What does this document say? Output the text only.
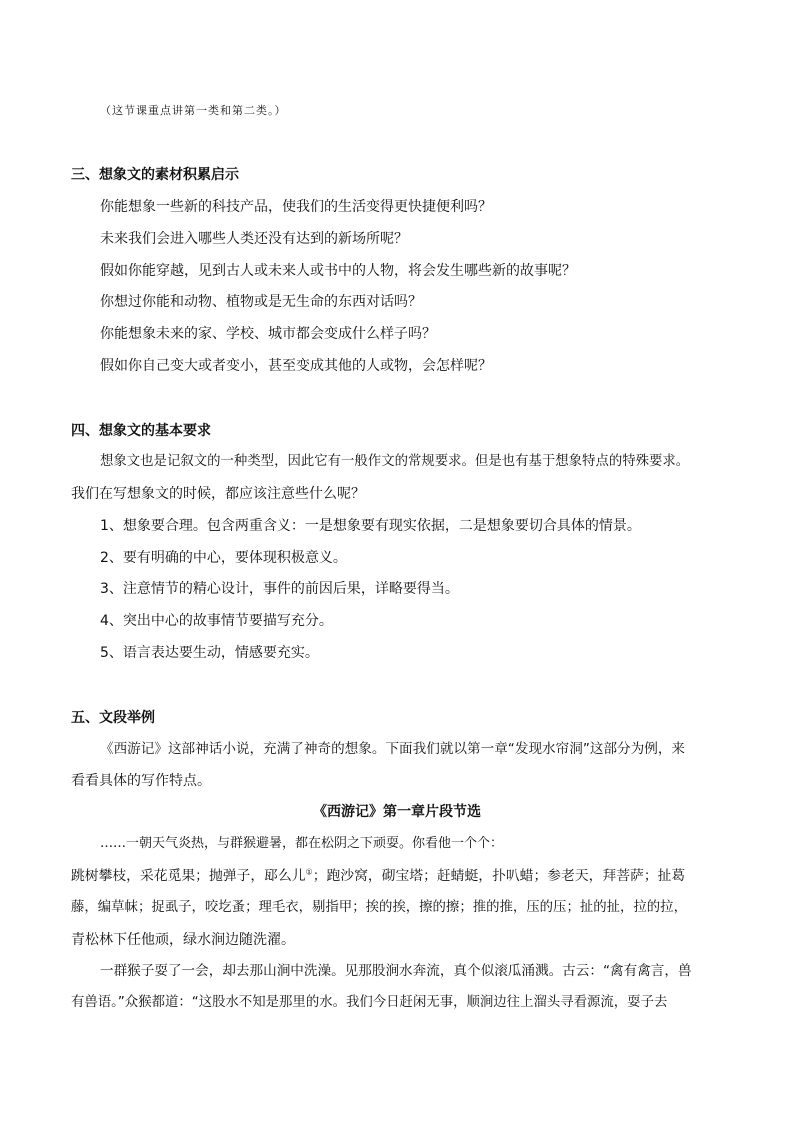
（这节课重点讲第一类和第二类。）
三、想象文的素材积累启示
你能想象一些新的科技产品，使我们的生活变得更快捷便利吗？
未来我们会进入哪些人类还没有达到的新场所呢？
假如你能穿越，见到古人或未来人或书中的人物，将会发生哪些新的故事呢？
你想过你能和动物、植物或是无生命的东西对话吗？
你能想象未来的家、学校、城市都会变成什么样子吗？
假如你自己变大或者变小，甚至变成其他的人或物，会怎样呢？
四、想象文的基本要求
想象文也是记叙文的一种类型，因此它有一般作文的常规要求。但是也有基于想象特点的特殊要求。
我们在写想象文的时候，都应该注意些什么呢？
1、想象要合理。包含两重含义：一是想象要有现实依据，二是想象要切合具体的情景。
2、要有明确的中心，要体现积极意义。
3、注意情节的精心设计，事件的前因后果，详略要得当。
4、突出中心的故事情节要描写充分。
5、语言表达要生动，情感要充实。
五、文段举例
《西游记》这部神话小说，充满了神奇的想象。下面我们就以第一章“发现水帘洞”这部分为例，来
看看具体的写作特点。
《西游记》第一章片段节选
……一朝天气炎热，与群猴避暑，都在松阴之下顽耍。你看他一个个：
跳树攀枝，采花觅果；抛弹子，邷么儿①；跑沙窝，砌宝塔；赶蜻蜓，扑叭蜡；参老天，拜菩萨；扯葛
藤，编草帓；捉虱子，咬圪蚤；理毛衣，剔指甲；挨的挨，擦的擦；推的推，压的压；扯的扯，拉的拉，
青松林下任他顽，绿水涧边随洗濯。
一群猴子耍了一会，却去那山涧中洗澡。见那股涧水奔流，真个似滚瓜涌溅。古云：“禽有禽言，兽
有兽语。”众猴都道：“这股水不知是那里的水。我们今日赶闲无事，顺涧边往上溜头寻看源流，耍子去
